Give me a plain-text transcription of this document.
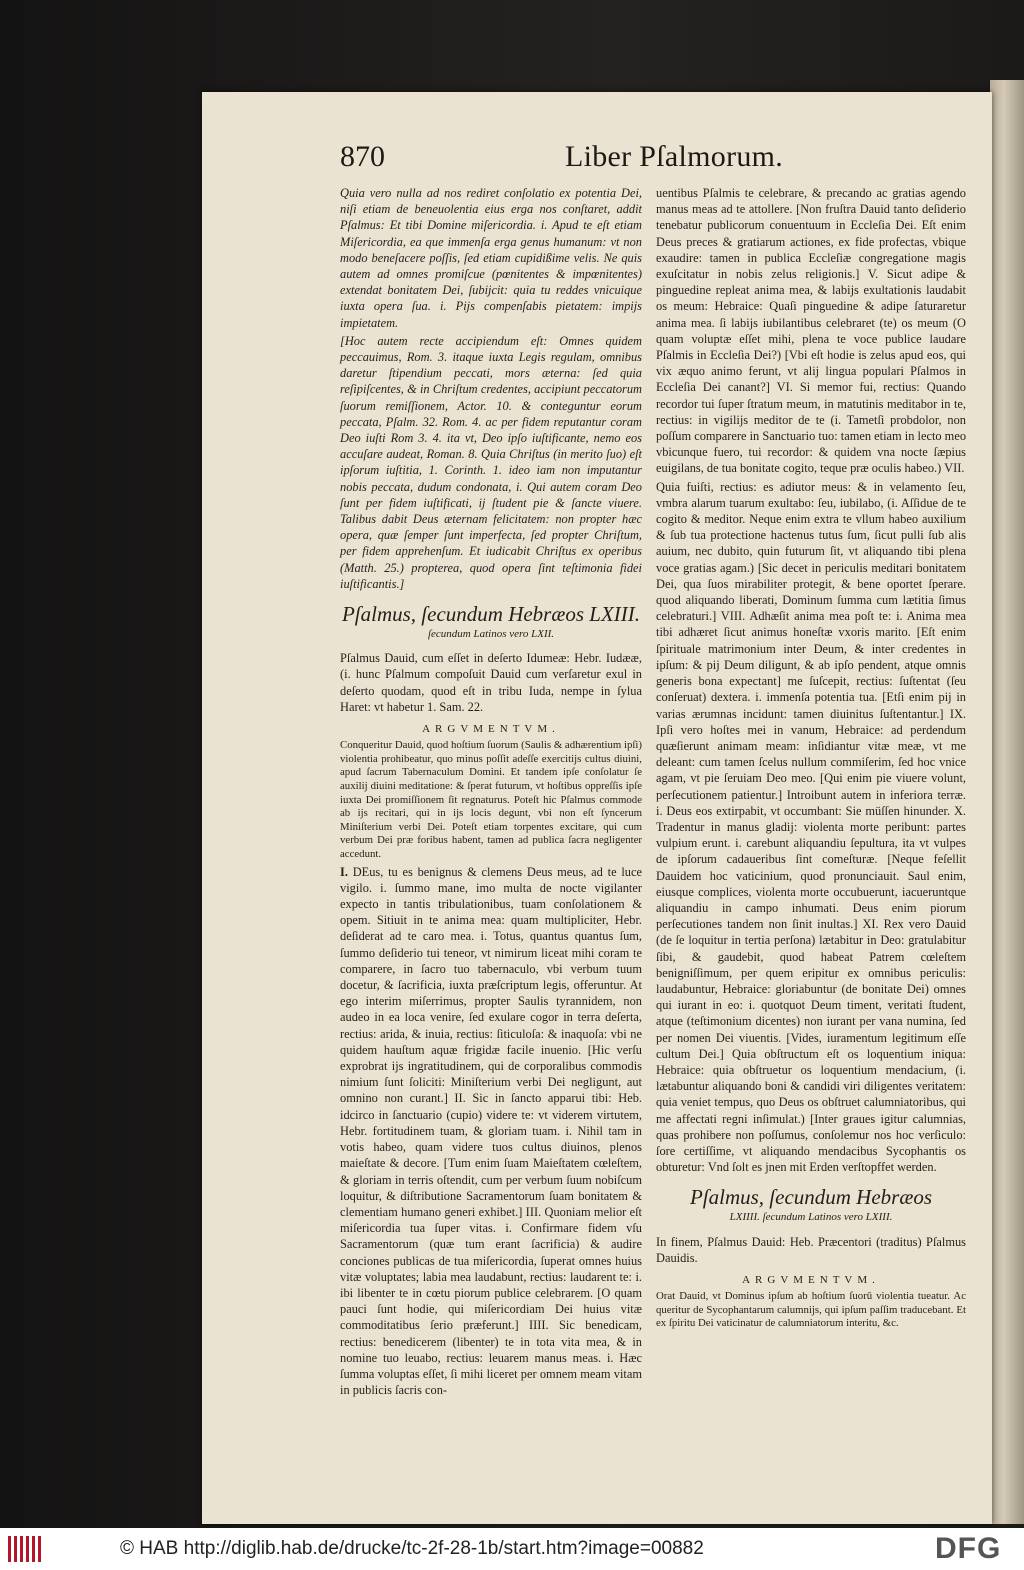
870	Liber Pſalmorum.

Quia vero nulla ad nos rediret conſolatio ex potentia Dei, niſi etiam de beneuolentia eius erga nos conſtaret, addit Pſalmus: Et tibi Domine miſericordia. i. Apud te eſt etiam Miſericordia, ea que immenſa erga genus humanum: vt non modo beneſacere poſſis, ſed etiam cupidißime velis. Ne quis autem ad omnes promiſcue (pœnitentes & impœnitentes) extendat bonitatem Dei, ſubijcit: quia tu reddes vnicuique iuxta opera ſua. i. Pijs compenſabis pietatem: impijs impietatem.

[Hoc autem recte accipiendum eſt: Omnes quidem peccauimus, Rom. 3. itaque iuxta Legis regulam, omnibus daretur ſtipendium peccati, mors æterna: ſed quia reſipiſcentes, & in Chriſtum credentes, accipiunt peccatorum ſuorum remiſſionem, Actor. 10. & conteguntur eorum peccata, Pſalm. 32. Rom. 4. ac per fidem reputantur coram Deo iuſti Rom 3. 4. ita vt, Deo ipſo iuſtificante, nemo eos accuſare audeat, Roman. 8. Quia Chriſtus (in merito ſuo) eſt ipſorum iuſtitia, 1. Corinth. 1. ideo iam non imputantur nobis peccata, dudum condonata, i. Qui autem coram Deo ſunt per fidem iuſtificati, ij ſtudent pie & ſancte viuere. Talibus dabit Deus æternam felicitatem: non propter hæc opera, quæ ſemper ſunt imperfecta, ſed propter Chriſtum, per fidem apprehenſum. Et iudicabit Chriſtus ex operibus (Matth. 25.) propterea, quod opera ſint teſtimonia fidei iuſtificantis.]

Pſalmus, ſecundum Hebræos LXIII.
ſecundum Latinos vero LXII.

Pſalmus Dauid, cum eſſet in deſerto Idumeæ: Hebr. Iudææ, (i. hunc Pſalmum compoſuit Dauid cum verſaretur exul in deſerto quodam, quod eſt in tribu Iuda, nempe in ſylua Haret: vt habetur 1. Sam. 22.

ARGVMENTVM.

Conqueritur Dauid, quod hoſtium ſuorum (Saulis & adhærentium ipſi) violentia prohibeatur, quo minus poſſit adeſſe exercitijs cultus diuini, apud ſacrum Tabernaculum Domini. Et tandem ipſe conſolatur ſe auxilij diuini meditatione: & ſperat futurum, vt hoſtibus oppreſſis ipſe iuxta Dei promiſſionem ſit regnaturus. Poteſt hic Pſalmus commode ab ijs recitari, qui in ijs locis degunt, vbi non eſt ſyncerum Miniſterium verbi Dei. Poteſt etiam torpentes excitare, qui cum verbum Dei præ foribus habent, tamen ad publica ſacra negligenter accedunt.

I. DEus, tu es benignus & clemens Deus meus, ad te luce vigilo. i. ſummo mane, imo multa de nocte vigilanter expecto in tantis tribulationibus, tuam conſolationem & opem. Sitiuit in te anima mea: quam multipliciter, Hebr. deſiderat ad te caro mea. i. Totus, quantus quantus ſum, ſummo deſiderio tui teneor, vt nimirum liceat mihi coram te comparere, in ſacro tuo tabernaculo, vbi verbum tuum docetur, & ſacrificia, iuxta præſcriptum legis, offeruntur. At ego interim miſerrimus, propter Saulis tyrannidem, non audeo in ea loca venire, ſed exulare cogor in terra deſerta, rectius: arida, & inuia, rectius: ſiticuloſa: & inaquoſa: vbi ne quidem hauſtum aquæ frigidæ facile inuenio. [Hic verſu exprobrat ijs ingratitudinem, qui de corporalibus commodis nimium ſunt ſoliciti: Miniſterium verbi Dei negligunt, aut omnino non curant.] II. Sic in ſancto apparui tibi: Heb. idcirco in ſanctuario (cupio) videre te: vt viderem virtutem, Hebr. fortitudinem tuam, & gloriam tuam. i. Nihil tam in votis habeo, quam videre tuos cultus diuinos, plenos maieſtate & decore. [Tum enim ſuam Maieſtatem cœleſtem, & gloriam in terris oſtendit, cum per verbum ſuum nobiſcum loquitur, & diſtributione Sacramentorum ſuam bonitatem & clementiam humano generi exhibet.] III. Quoniam melior eſt miſericordia tua ſuper vitas. i. Confirmare fidem vſu Sacramentorum (quæ tum erant ſacrificia) & audire conciones publicas de tua miſericordia, ſuperat omnes huius vitæ voluptates; labia mea laudabunt, rectius: laudarent te: i. ibi libenter te in cœtu piorum publice celebrarem. [O quam pauci ſunt hodie, qui miſericordiam Dei huius vitæ commoditatibus ſerio præferunt.] IIII. Sic benedicam, rectius: benedicerem (libenter) te in tota vita mea, & in nomine tuo leuabo, rectius: leuarem manus meas. i. Hæc ſumma voluptas eſſet, ſi mihi liceret per omnem meam vitam in publicis ſacris con-

uentibus Pſalmis te celebrare, & precando ac gratias agendo manus meas ad te attollere. [Non fruſtra Dauid tanto deſiderio tenebatur publicorum conuentuum in Eccleſia Dei. Eſt enim Deus preces & gratiarum actiones, ex fide profectas, vbique exaudire: tamen in publica Eccleſiæ congregatione magis exuſcitatur in nobis zelus religionis.] V. Sicut adipe & pinguedine repleat anima mea, & labijs exultationis laudabit os meum: Hebraice: Quaſi pinguedine & adipe ſaturaretur anima mea. ſi labijs iubilantibus celebraret (te) os meum (O quam voluptæ eſſet mihi, plena te voce publice laudare Pſalmis in Eccleſia Dei?) [Vbi eſt hodie is zelus apud eos, qui vix æquo animo ferunt, vt alij lingua populari Pſalmos in Eccleſia Dei canant?] VI. Si memor fui, rectius: Quando recordor tui ſuper ſtratum meum, in matutinis meditabor in te, rectius: in vigilijs meditor de te (i. Tametſi probdolor, non poſſum comparere in Sanctuario tuo: tamen etiam in lecto meo vbicunque fuero, tui recordor: & quidem vna nocte ſæpius euigilans, de tua bonitate cogito, teque præ oculis habeo.) VII.

Quia fuiſti, rectius: es adiutor meus: & in velamento ſeu, vmbra alarum tuarum exultabo: ſeu, iubilabo, (i. Aſſidue de te cogito & meditor. Neque enim extra te vllum habeo auxilium & ſub tua protectione hactenus tutus ſum, ſicut pulli ſub alis auium, nec dubito, quin futurum ſit, vt aliquando tibi plena voce gratias agam.) [Sic decet in periculis meditari bonitatem Dei, qua ſuos mirabiliter protegit, & bene oportet ſperare. quod aliquando liberati, Dominum ſumma cum lætitia ſimus celebraturi.] VIII. Adhæſit anima mea poſt te: i. Anima mea tibi adhæret ſicut animus honeſtæ vxoris marito. [Eſt enim ſpirituale matrimonium inter Deum, & inter credentes in ipſum: & pij Deum diligunt, & ab ipſo pendent, atque omnis generis bona expectant] me ſuſcepit, rectius: ſuſtentat (ſeu conſeruat) dextera. i. immenſa potentia tua. [Etſi enim pij in varias ærumnas incidunt: tamen diuinitus ſuſtentantur.] IX. Ipſi vero hoſtes mei in vanum, Hebraice: ad perdendum quæſierunt animam meam: inſidiantur vitæ meæ, vt me deleant: cum tamen ſcelus nullum commiſerim, ſed hoc vnice agam, vt pie ſeruiam Deo meo. [Qui enim pie viuere volunt, perſecutionem patientur.] Introibunt autem in inferiora terræ. i. Deus eos extirpabit, vt occumbant: Sie müſſen hinunder. X. Tradentur in manus gladij: violenta morte peribunt: partes vulpium erunt. i. carebunt aliquandiu ſepultura, ita vt vulpes de ipſorum cadaueribus ſint comeſturæ. [Neque feſellit Dauidem hoc vaticinium, quod pronunciauit. Saul enim, eiusque complices, violenta morte occubuerunt, iacueruntque aliquandiu in campo inhumati. Deus enim piorum perſecutiones tandem non ſinit inultas.] XI. Rex vero Dauid (de ſe loquitur in tertia perſona) lætabitur in Deo: gratulabitur ſibi, & gaudebit, quod habeat Patrem cœleſtem benigniſſimum, per quem eripitur ex omnibus periculis: laudabuntur, Hebraice: gloriabuntur (de bonitate Dei) omnes qui iurant in eo: i. quotquot Deum timent, veritati ſtudent, atque (teſtimonium dicentes) non iurant per vana numina, ſed per nomen Dei viuentis. [Vides, iuramentum legitimum eſſe cultum Dei.] Quia obſtructum eſt os loquentium iniqua: Hebraice: quia obſtruetur os loquentium mendacium, (i. lætabuntur aliquando boni & candidi viri diligentes veritatem: quia veniet tempus, quo Deus os obſtruet calumniatoribus, qui me affectati regni inſimulat.) [Inter graues igitur calumnias, quas prohibere non poſſumus, conſolemur nos hoc verſiculo: ſore certiſſime, vt aliquando mendacibus Sycophantis os obturetur: Vnd ſolt es jnen mit Erden verſtopffet werden.

Pſalmus, ſecundum Hebræos
LXIIII. ſecundum Latinos vero LXIII.

In finem, Pſalmus Dauid: Heb. Præcentori (traditus) Pſalmus Dauidis.

ARGVMENTVM.

Orat Dauid, vt Dominus ipſum ab hoſtium ſuorū violentia tueatur. Ac queritur de Sycophantarum calumnijs, qui ipſum paſſim traducebant. Et ex ſpiritu Dei vaticinatur de calumniatorum interitu, &c.

© HAB http://diglib.hab.de/drucke/tc-2f-28-1b/start.htm?image=00882	DFG
